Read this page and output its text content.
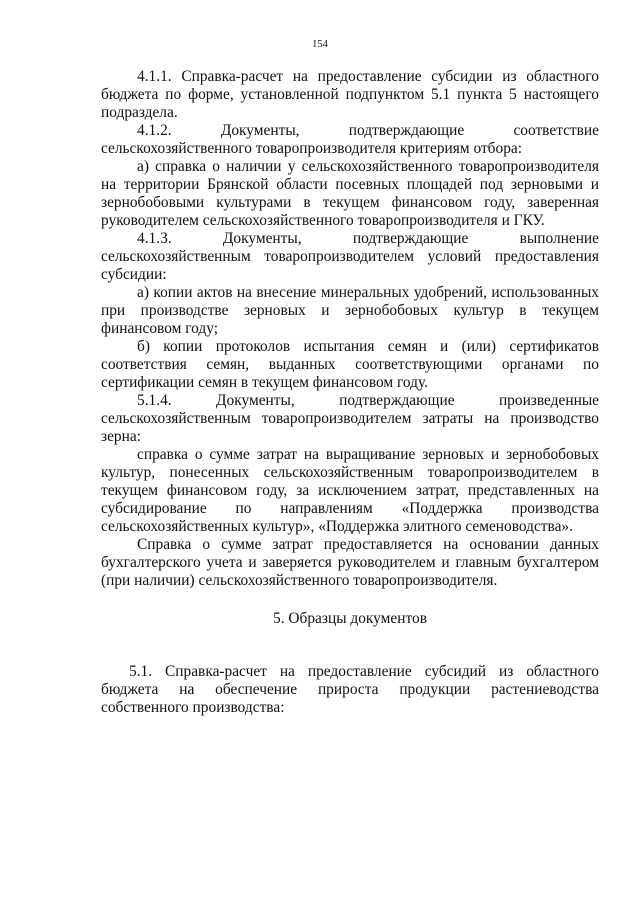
154

4.1.1. Справка-расчет на предоставление субсидии из областного бюджета по форме, установленной подпунктом 5.1 пункта 5 настоящего подраздела.

4.1.2. Документы, подтверждающие соответствие
сельскохозяйственного товаропроизводителя критериям отбора:

а) справка о наличии у сельскохозяйственного товаропроизводителя на территории Брянской области посевных площадей под зерновыми и зернобобовыми культурами в текущем финансовом году, заверенная руководителем сельскохозяйственного товаропроизводителя и ГКУ.

4.1.3. Документы, подтверждающие выполнение
сельскохозяйственным товаропроизводителем условий предоставления
субсидии:

а) копии актов на внесение минеральных удобрений, использованных при производстве зерновых и зернобобовых культур в текущем финансовом году;

б) копии протоколов испытания семян и (или) сертификатов соответствия семян, выданных соответствующими органами по сертификации семян в текущем финансовом году.

5.1.4. Документы, подтверждающие произведенные
сельскохозяйственным товаропроизводителем затраты на производство
зерна:

справка о сумме затрат на выращивание зерновых и зернобобовых культур, понесенных сельскохозяйственным товаропроизводителем в текущем финансовом году, за исключением затрат, представленных на субсидирование по направлениям «Поддержка производства сельскохозяйственных культур», «Поддержка элитного семеноводства».

Справка о сумме затрат предоставляется на основании данных бухгалтерского учета и заверяется руководителем и главным бухгалтером (при наличии) сельскохозяйственного товаропроизводителя.

5. Образцы документов

5.1. Справка-расчет на предоставление субсидий из областного бюджета на обеспечение прироста продукции растениеводства собственного производства:
